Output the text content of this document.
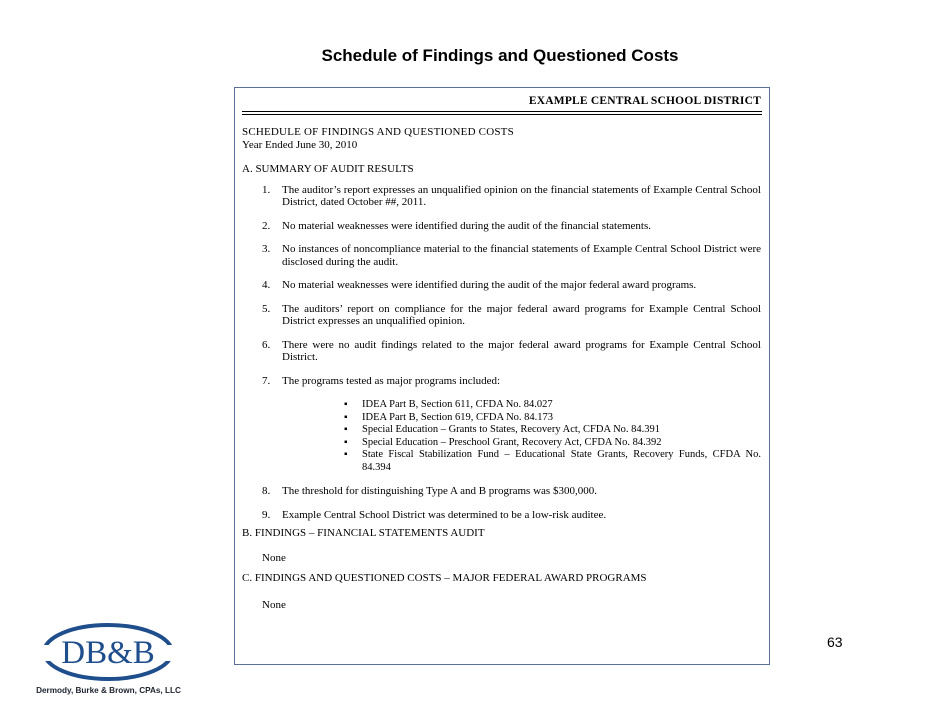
Schedule of Findings and Questioned Costs
EXAMPLE CENTRAL SCHOOL DISTRICT
SCHEDULE OF FINDINGS AND QUESTIONED COSTS
Year Ended June 30, 2010
A. SUMMARY OF AUDIT RESULTS
1. The auditor’s report expresses an unqualified opinion on the financial statements of Example Central School District, dated October ##, 2011.
2. No material weaknesses were identified during the audit of the financial statements.
3. No instances of noncompliance material to the financial statements of Example Central School District were disclosed during the audit.
4. No material weaknesses were identified during the audit of the major federal award programs.
5. The auditors’ report on compliance for the major federal award programs for Example Central School District expresses an unqualified opinion.
6. There were no audit findings related to the major federal award programs for Example Central School District.
7. The programs tested as major programs included:
▪ IDEA Part B, Section 611, CFDA No. 84.027
▪ IDEA Part B, Section 619, CFDA No. 84.173
▪ Special Education – Grants to States, Recovery Act, CFDA No. 84.391
▪ Special Education – Preschool Grant, Recovery Act, CFDA No. 84.392
▪ State Fiscal Stabilization Fund – Educational State Grants, Recovery Funds, CFDA No. 84.394
8. The threshold for distinguishing Type A and B programs was $300,000.
9. Example Central School District was determined to be a low-risk auditee.
B. FINDINGS – FINANCIAL STATEMENTS AUDIT
None
C. FINDINGS AND QUESTIONED COSTS – MAJOR FEDERAL AWARD PROGRAMS
None
DB&B
Dermody, Burke & Brown, CPAs, LLC
63
